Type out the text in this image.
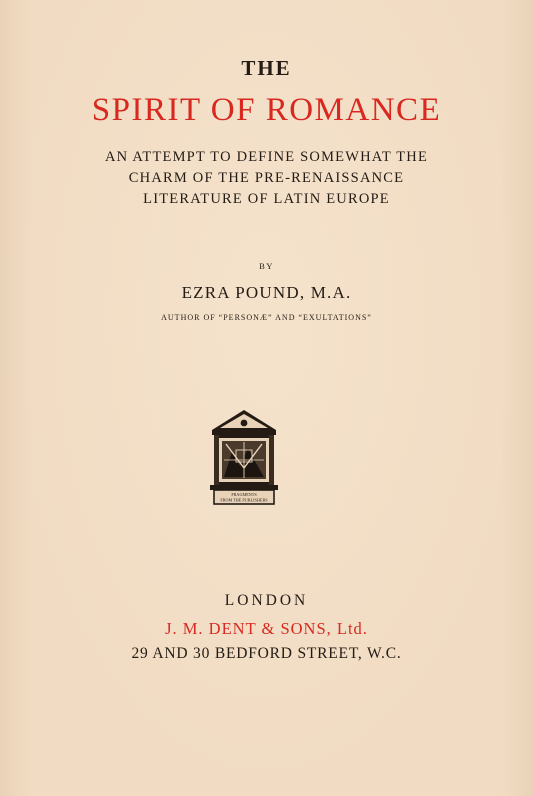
THE
SPIRIT OF ROMANCE
AN ATTEMPT TO DEFINE SOMEWHAT THE
CHARM OF THE PRE-RENAISSANCE
LITERATURE OF LATIN EUROPE
BY
EZRA POUND, M.A.
AUTHOR OF “PERSONÆ” AND “EXULTATIONS”
FRAGMENTS
FROM THE PUBLISHERS
LONDON
J. M. DENT & SONS, Ltd.
29 AND 30 BEDFORD STREET, W.C.
